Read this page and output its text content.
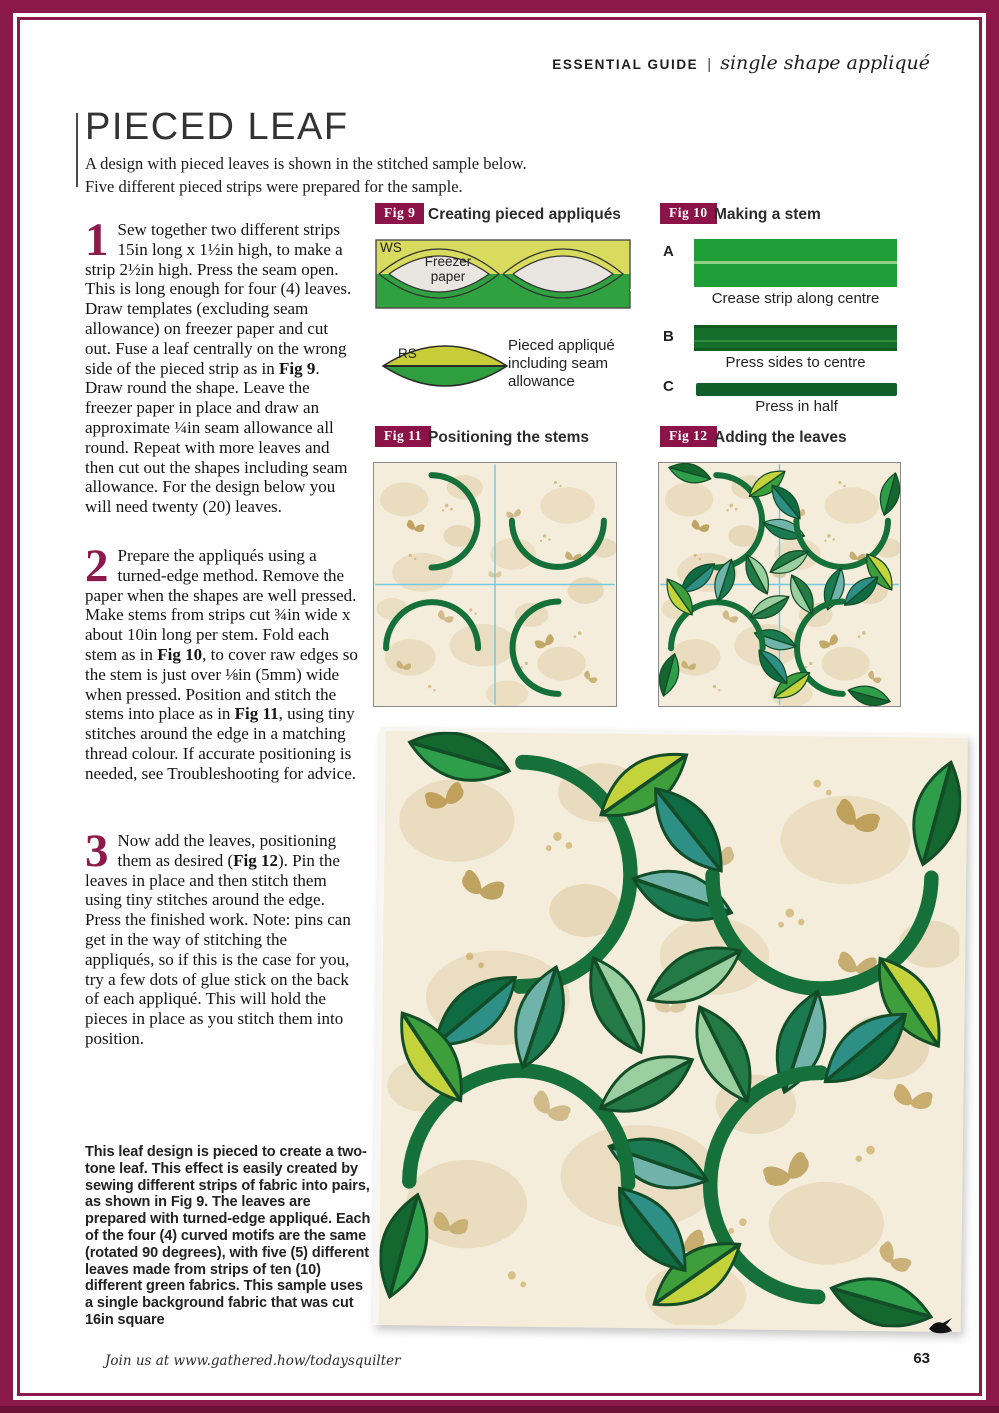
ESSENTIAL GUIDE | single shape appliqué
PIECED LEAF
A design with pieced leaves is shown in the stitched sample below.
Five different pieced strips were prepared for the sample.

1 Sew together two different strips 15in long x 1½in high, to make a strip 2½in high. Press the seam open. This is long enough for four (4) leaves. Draw templates (excluding seam allowance) on freezer paper and cut out. Fuse a leaf centrally on the wrong side of the pieced strip as in Fig 9. Draw round the shape. Leave the freezer paper in place and draw an approximate ¼in seam allowance all round. Repeat with more leaves and then cut out the shapes including seam allowance. For the design below you will need twenty (20) leaves.

2 Prepare the appliqués using a turned-edge method. Remove the paper when the shapes are well pressed. Make stems from strips cut ¾in wide x about 10in long per stem. Fold each stem as in Fig 10, to cover raw edges so the stem is just over ⅛in (5mm) wide when pressed. Position and stitch the stems into place as in Fig 11, using tiny stitches around the edge in a matching thread colour. If accurate positioning is needed, see Troubleshooting for advice.

3 Now add the leaves, positioning them as desired (Fig 12). Pin the leaves in place and then stitch them using tiny stitches around the edge. Press the finished work. Note: pins can get in the way of stitching the appliqués, so if this is the case for you, try a few dots of glue stick on the back of each appliqué. This will hold the pieces in place as you stitch them into position.

Fig 9 Creating pieced appliqués
WS
Freezer paper
RS	Pieced appliqué including seam allowance
Fig 10 Making a stem
A
Crease strip along centre
B
Press sides to centre
C
Press in half
Fig 11 Positioning the stems	Fig 12 Adding the leaves
This leaf design is pieced to create a two-tone leaf. This effect is easily created by sewing different strips of fabric into pairs, as shown in Fig 9. The leaves are prepared with turned-edge appliqué. Each of the four (4) curved motifs are the same (rotated 90 degrees), with five (5) different leaves made from strips of ten (10) different green fabrics. This sample uses a single background fabric that was cut 16in square
Join us at www.gathered.how/todaysquilter	63
